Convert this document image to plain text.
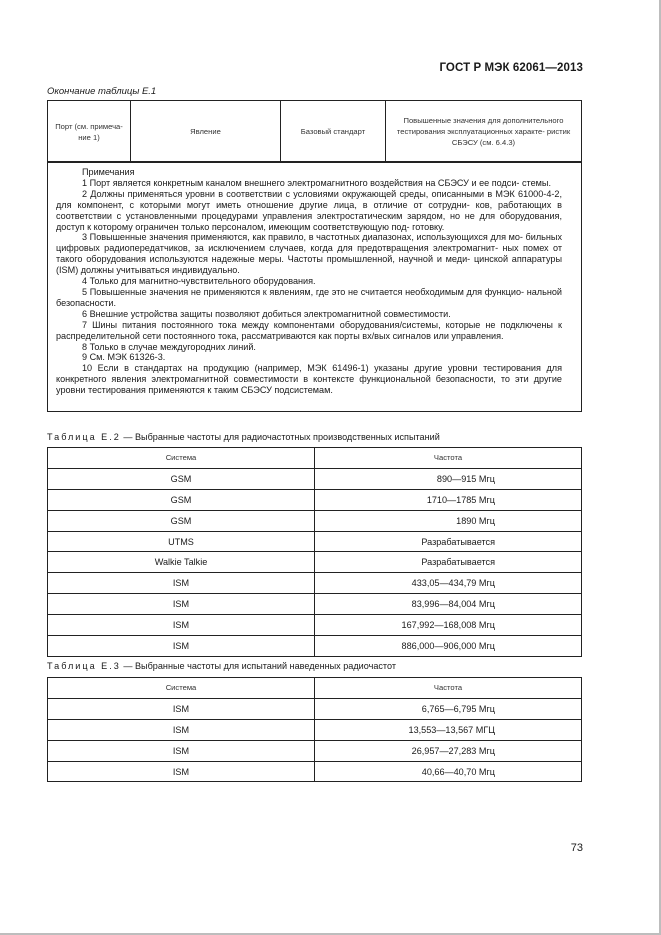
ГОСТ Р МЭК 62061—2013
Окончание таблицы Е.1
Порт (см. примеча- ние 1)	Явление	Базовый стандарт	Повышенные значения для дополнительного тестирования эксплуатационных характе- ристик СБЭСУ (см. 6.4.3)

Примечания

1 Порт является конкретным каналом внешнего электромагнитного воздействия на СБЭСУ и ее подси- стемы.

2 Должны применяться уровни в соответствии с условиями окружающей среды, описанными в МЭК 61000-4-2, для компонент, с которыми могут иметь отношение другие лица, в отличие от сотрудни- ков, работающих в соответствии с установленными процедурами управления электростатическим зарядом, но не для оборудования, доступ к которому ограничен только персоналом, имеющим соответствующую под- готовку.

3 Повышенные значения применяются, как правило, в частотных диапазонах, использующихся для мо- бильных цифровых радиопередатчиков, за исключением случаев, когда для предотвращения электромагнит- ных помех от такого оборудования используются надежные меры. Частоты промышленной, научной и меди- цинской аппаратуры (ISM) должны учитываться индивидуально.

4 Только для магнитно-чувствительного оборудования.

5 Повышенные значения не применяются к явлениям, где это не считается необходимым для функцио- нальной безопасности.

6 Внешние устройства защиты позволяют добиться электромагнитной совместимости.

7 Шины питания постоянного тока между компонентами оборудования/системы, которые не подключены к распределительной сети постоянного тока, рассматриваются как порты вх/вых сигналов или управления.

8 Только в случае междугородних линий.

9 См. МЭК 61326-3.

10 Если в стандартах на продукцию (например, МЭК 61496-1) указаны другие уровни тестирования для конкретного явления электромагнитной совместимости в контексте функциональной безопасности, то эти другие уровни тестирования применяются к таким СБЭСУ подсистемам.

Таблица Е.2 — Выбранные частоты для радиочастотных производственных испытаний
Система	Частота
GSM	890—915 Мгц
GSM	1710—1785 Мгц
GSM	1890 Мгц
UTMS	Разрабатывается
Walkie Talkie	Разрабатывается
ISM	433,05—434,79 Мгц
ISM	83,996—84,004 Мгц
ISM	167,992—168,008 Мгц
ISM	886,000—906,000 Мгц
Таблица Е.3 — Выбранные частоты для испытаний наведенных радиочастот
Система	Частота
ISM	6,765—6,795 Мгц
ISM	13,553—13,567 МГЦ
ISM	26,957—27,283 Мгц
ISM	40,66—40,70 Мгц
73
